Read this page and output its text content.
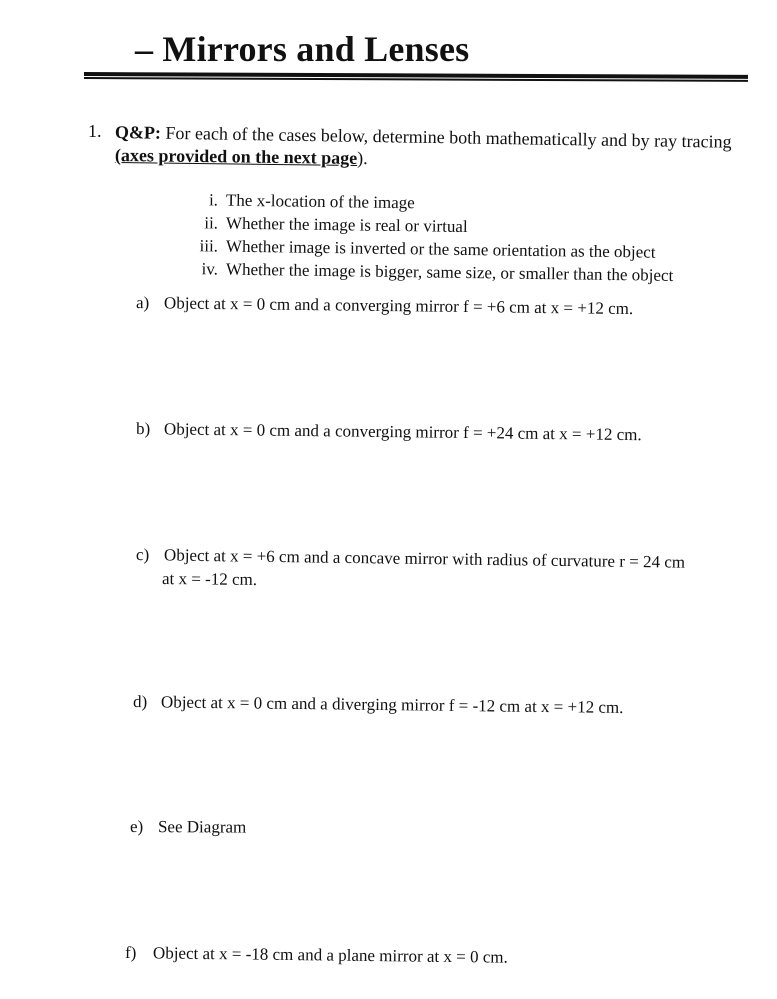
– Mirrors and Lenses
1. Q&P: For each of the cases below, determine both mathematically and by ray tracing
(axes provided on the next page).
i. The x-location of the image
ii. Whether the image is real or virtual
iii. Whether image is inverted or the same orientation as the object
iv. Whether the image is bigger, same size, or smaller than the object
a) Object at x = 0 cm and a converging mirror f = +6 cm at x = +12 cm.
b) Object at x = 0 cm and a converging mirror f = +24 cm at x = +12 cm.
c) Object at x = +6 cm and a concave mirror with radius of curvature r = 24 cm
at x = -12 cm.
d) Object at x = 0 cm and a diverging mirror f = -12 cm at x = +12 cm.
e) See Diagram
f) Object at x = -18 cm and a plane mirror at x = 0 cm.
